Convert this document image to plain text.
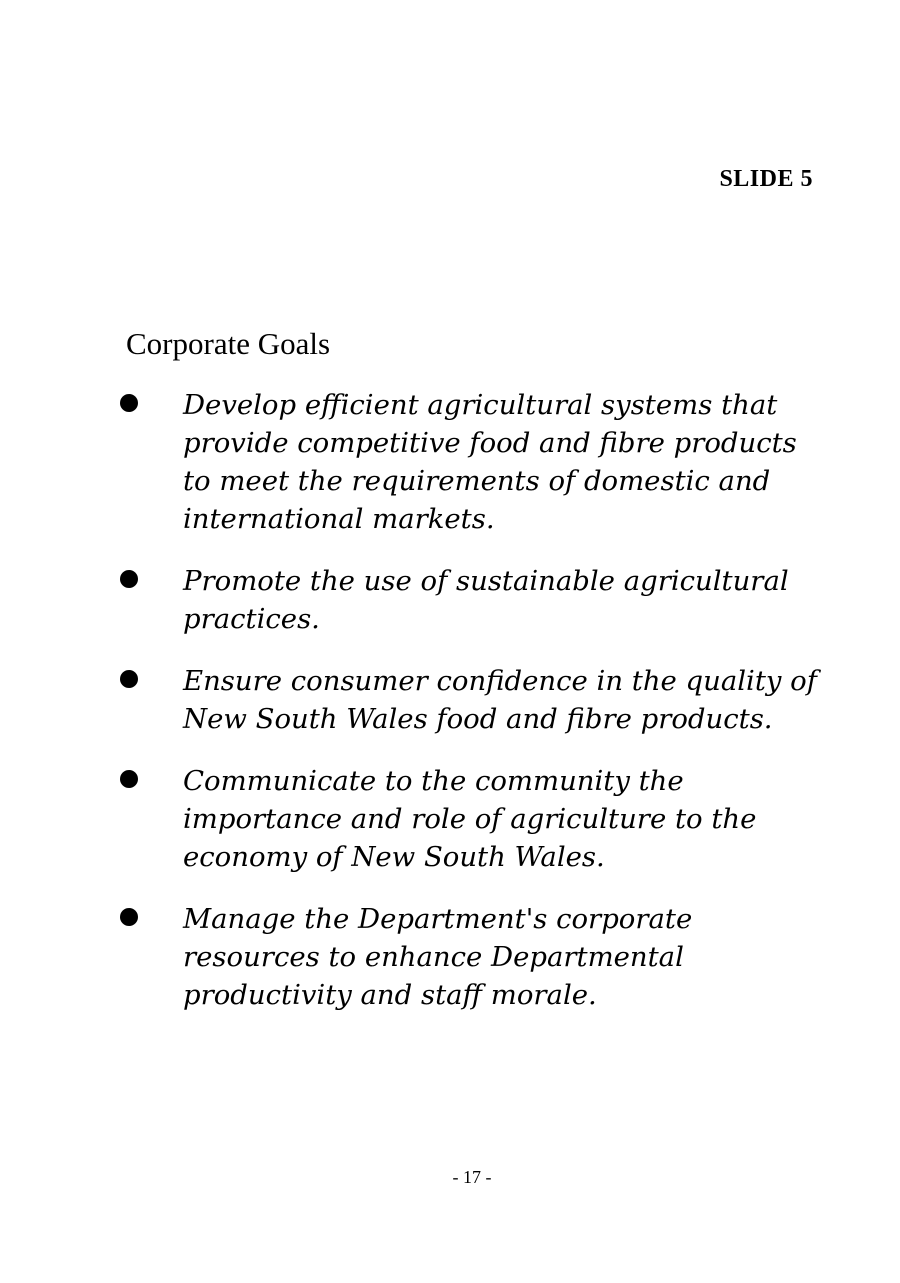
SLIDE 5
Corporate Goals
Develop efficient agricultural systems that provide competitive food and fibre products to meet the requirements of domestic and international markets.
Promote the use of sustainable agricultural practices.
Ensure consumer confidence in the quality of New South Wales food and fibre products.
Communicate to the community the importance and role of agriculture to the economy of New South Wales.
Manage the Department's corporate resources to enhance Departmental productivity and staff morale.
- 17 -
